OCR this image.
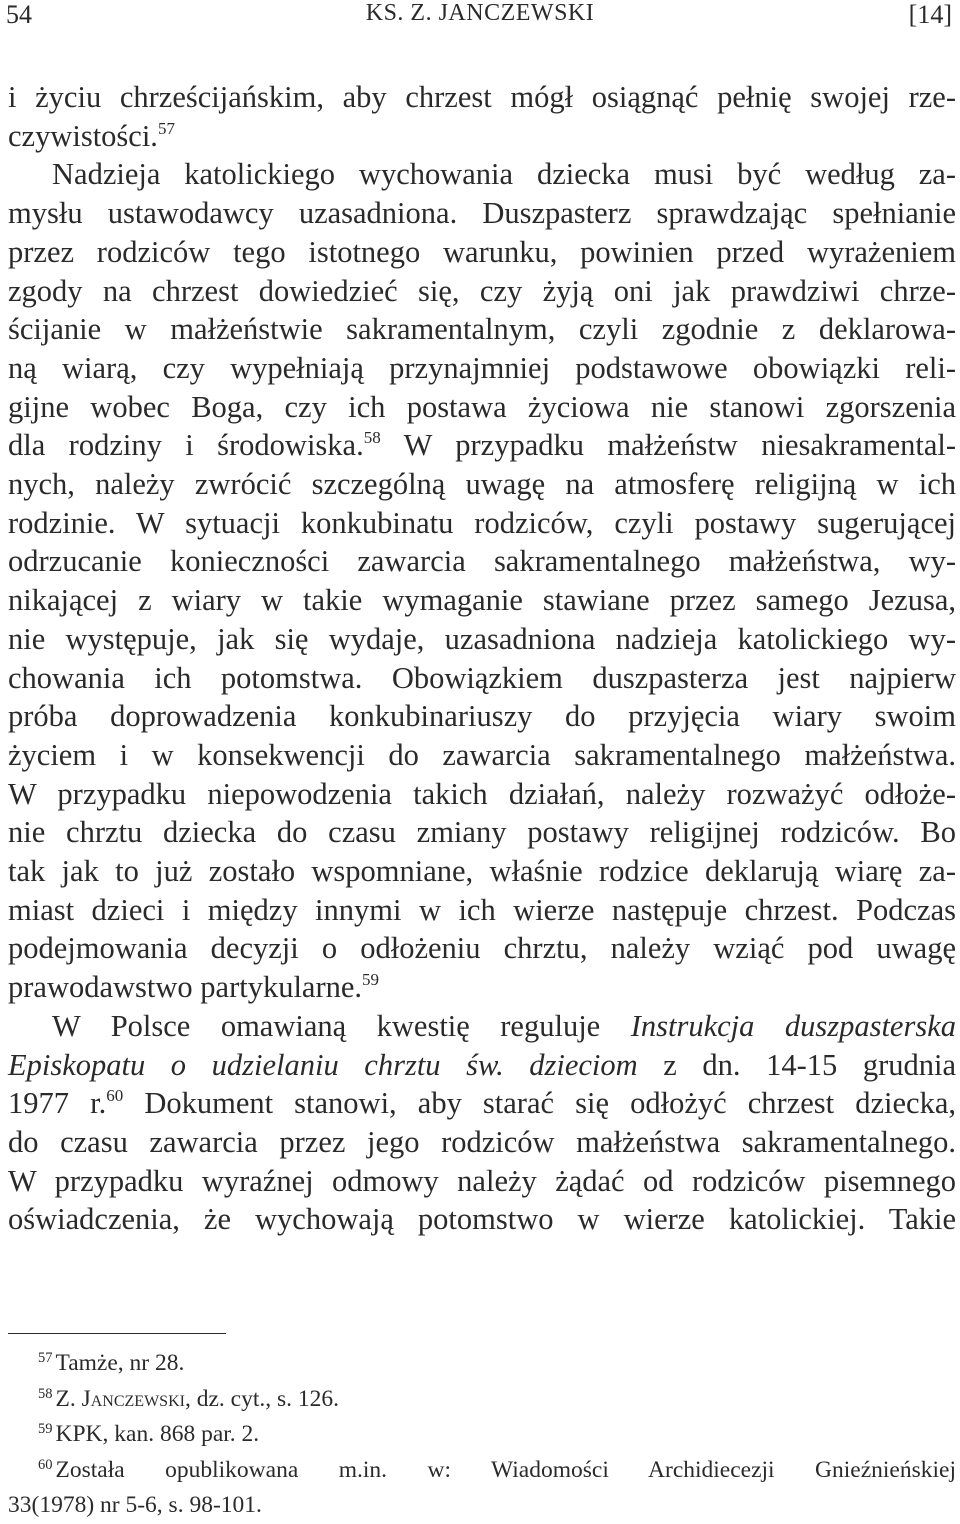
54	KS. Z. JANCZEWSKI	[14]
i życiu chrześcijańskim, aby chrzest mógł osiągnąć pełnię swojej rze-
czywistości.$^{57}$
Nadzieja katolickiego wychowania dziecka musi być według za-
mysłu ustawodawcy uzasadniona. Duszpasterz sprawdzając spełnianie
przez rodziców tego istotnego warunku, powinien przed wyrażeniem
zgody na chrzest dowiedzieć się, czy żyją oni jak prawdziwi chrze-
ścijanie w małżeństwie sakramentalnym, czyli zgodnie z deklarowa-
ną wiarą, czy wypełniają przynajmniej podstawowe obowiązki reli-
gijne wobec Boga, czy ich postawa życiowa nie stanowi zgorszenia
dla rodziny i środowiska.$^{58}$ W przypadku małżeństw niesakramental-
nych, należy zwrócić szczególną uwagę na atmosferę religijną w ich
rodzinie. W sytuacji konkubinatu rodziców, czyli postawy sugerującej
odrzucanie konieczności zawarcia sakramentalnego małżeństwa, wy-
nikającej z wiary w takie wymaganie stawiane przez samego Jezusa,
nie występuje, jak się wydaje, uzasadniona nadzieja katolickiego wy-
chowania ich potomstwa. Obowiązkiem duszpasterza jest najpierw
próba doprowadzenia konkubinariuszy do przyjęcia wiary swoim
życiem i w konsekwencji do zawarcia sakramentalnego małżeństwa.
W przypadku niepowodzenia takich działań, należy rozważyć odłoże-
nie chrztu dziecka do czasu zmiany postawy religijnej rodziców. Bo
tak jak to już zostało wspomniane, właśnie rodzice deklarują wiarę za-
miast dzieci i między innymi w ich wierze następuje chrzest. Podczas
podejmowania decyzji o odłożeniu chrztu, należy wziąć pod uwagę
prawodawstwo partykularne.$^{59}$
W Polsce omawianą kwestię reguluje Instrukcja duszpasterska
Episkopatu o udzielaniu chrztu św. dzieciom z dn. 14-15 grudnia
1977 r.$^{60}$ Dokument stanowi, aby starać się odłożyć chrzest dziecka,
do czasu zawarcia przez jego rodziców małżeństwa sakramentalnego.
W przypadku wyraźnej odmowy należy żądać od rodziców pisemnego
oświadczenia, że wychowają potomstwo w wierze katolickiej. Takie
$^{57}$ Tamże, nr 28.
$^{58}$ Z. Janczewski, dz. cyt., s. 126.
$^{59}$ KPK, kan. 868 par. 2.
$^{60}$ Została opublikowana m.in. w: Wiadomości Archidiecezji Gnieźnieńskiej
33(1978) nr 5-6, s. 98-101.
